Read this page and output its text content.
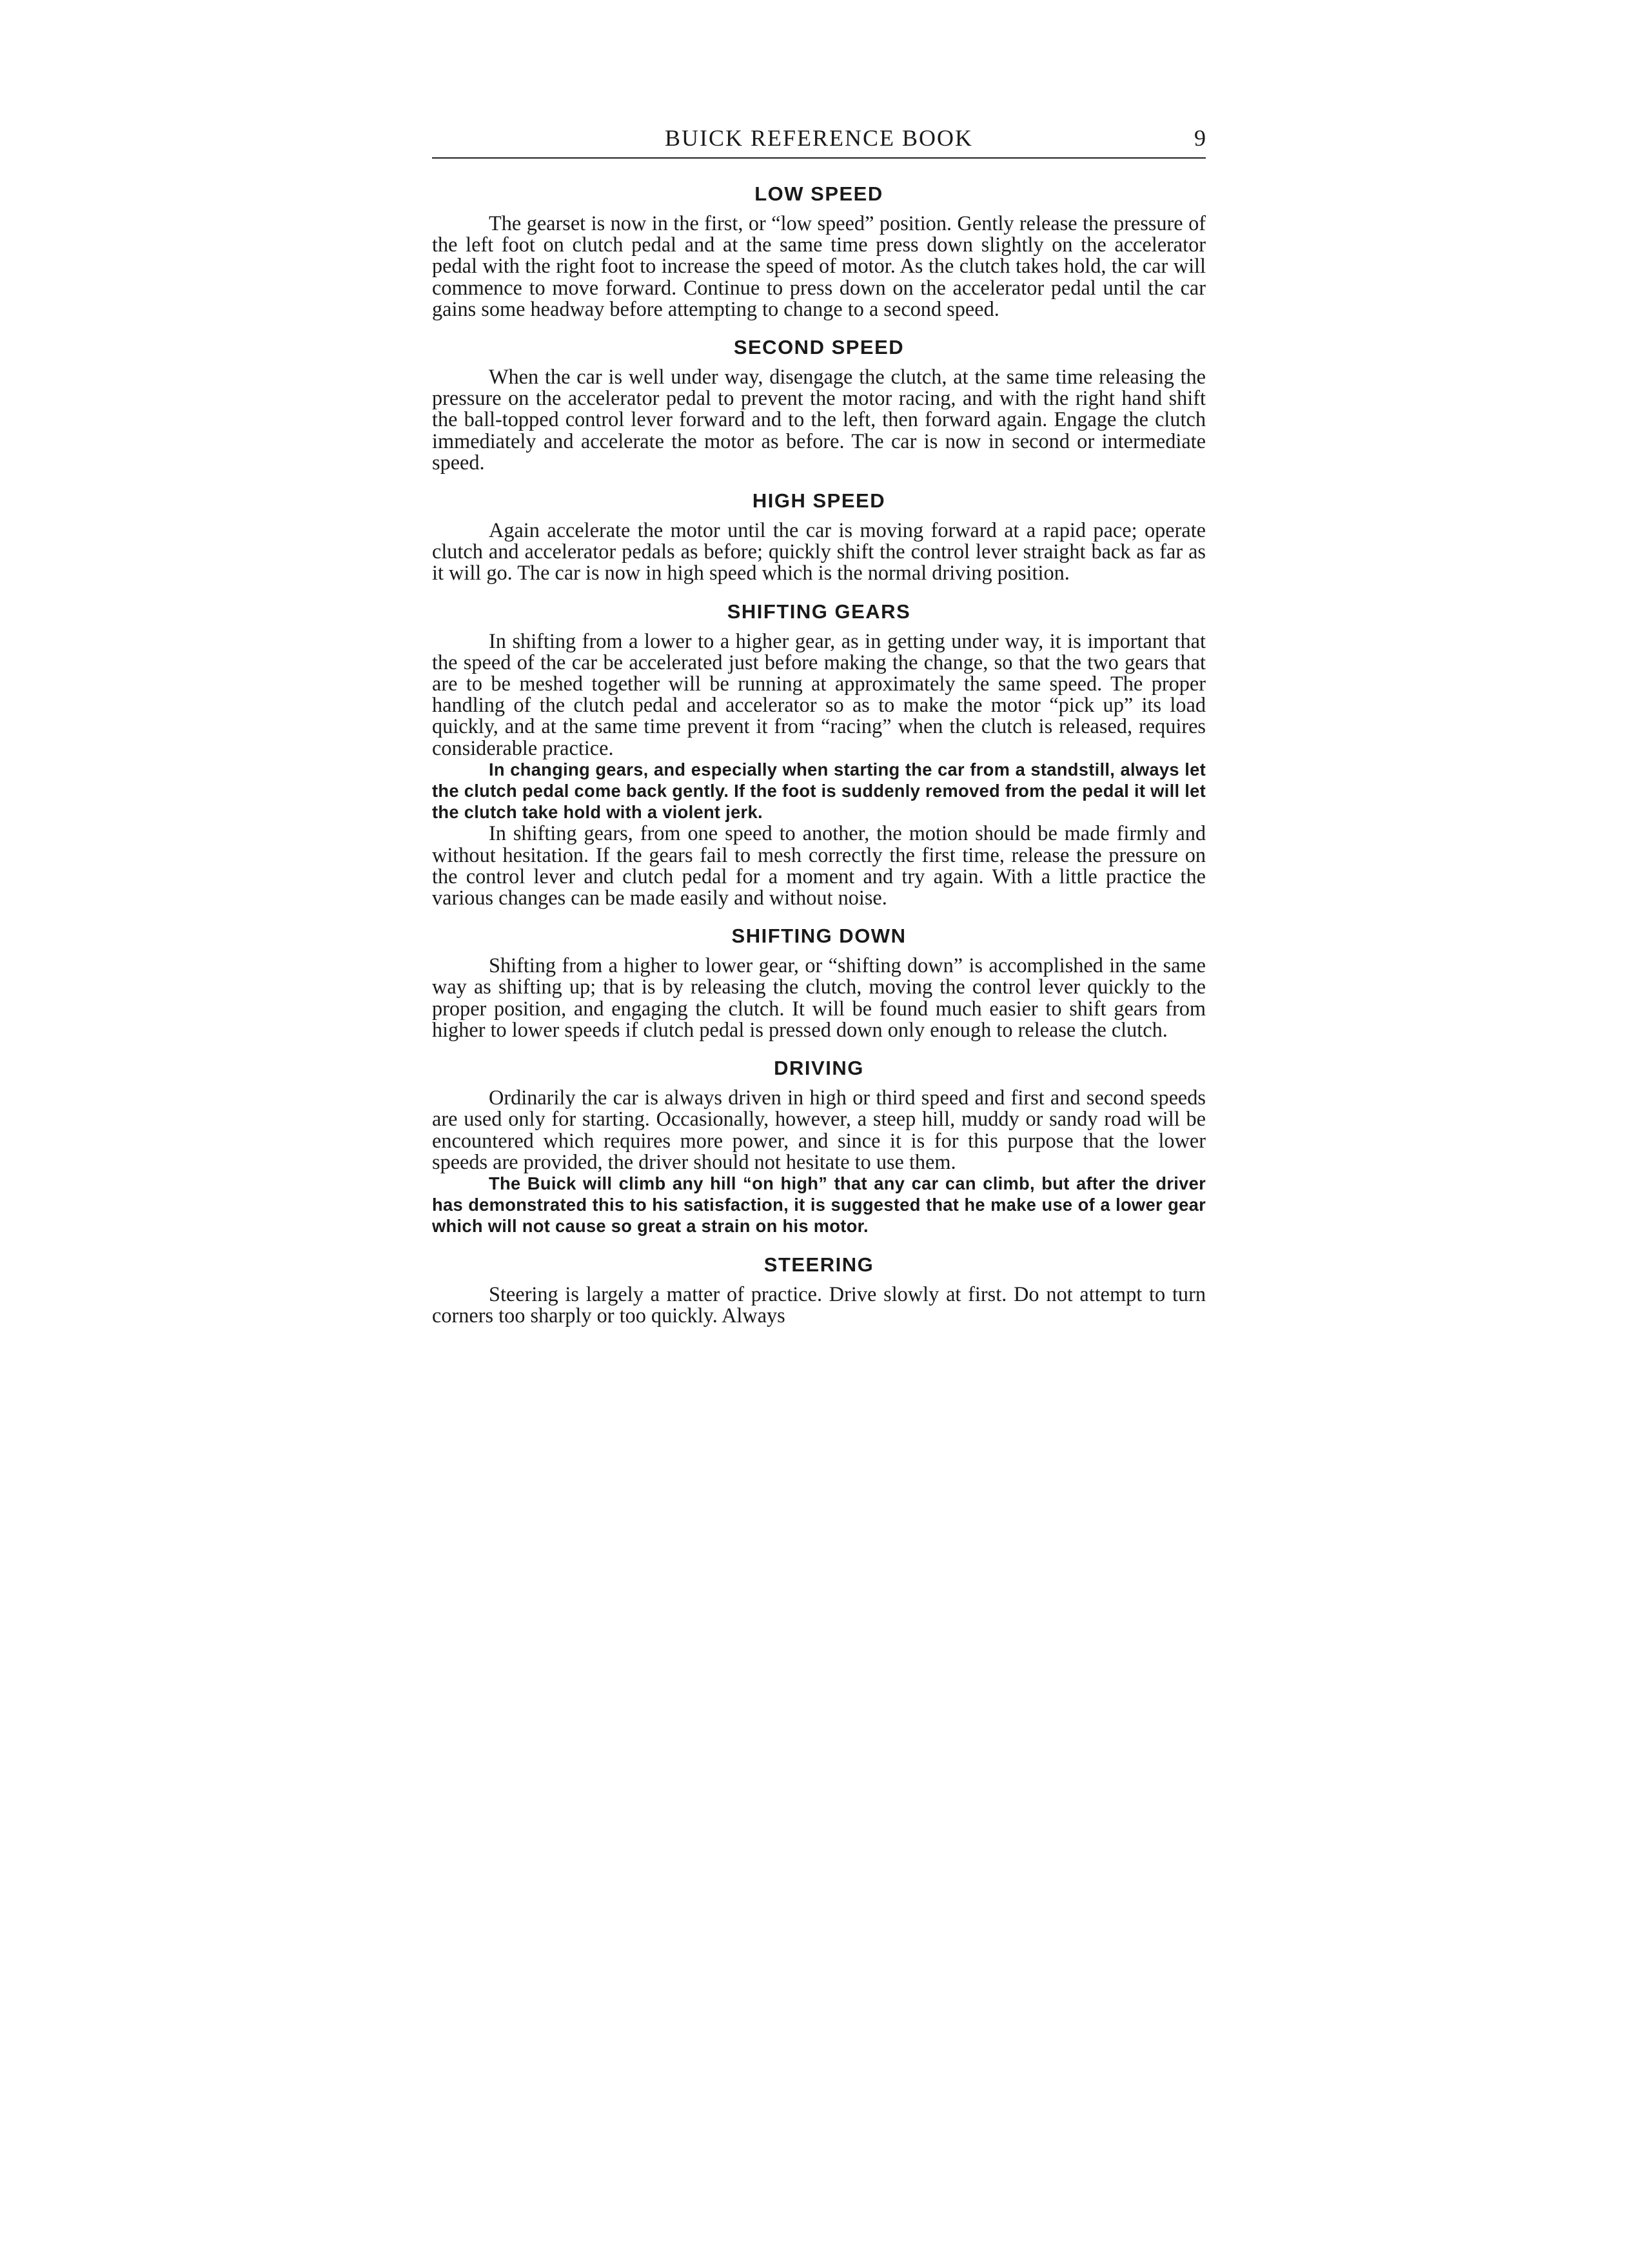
BUICK REFERENCE BOOK	9
LOW SPEED

The gearset is now in the first, or “low speed” position. Gently release the pressure of the left foot on clutch pedal and at the same time press down slightly on the accelerator pedal with the right foot to increase the speed of motor. As the clutch takes hold, the car will commence to move forward. Continue to press down on the accelerator pedal until the car gains some headway before attempting to change to a second speed.

SECOND SPEED

When the car is well under way, disengage the clutch, at the same time releasing the pressure on the accelerator pedal to prevent the motor racing, and with the right hand shift the ball-topped control lever forward and to the left, then forward again. Engage the clutch immediately and accelerate the motor as before. The car is now in second or intermediate speed.

HIGH SPEED

Again accelerate the motor until the car is moving forward at a rapid pace; operate clutch and accelerator pedals as before; quickly shift the control lever straight back as far as it will go. The car is now in high speed which is the normal driving position.

SHIFTING GEARS

In shifting from a lower to a higher gear, as in getting under way, it is important that the speed of the car be accelerated just before making the change, so that the two gears that are to be meshed together will be running at approximately the same speed. The proper handling of the clutch pedal and accelerator so as to make the motor “pick up” its load quickly, and at the same time prevent it from “racing” when the clutch is released, requires considerable practice.

In changing gears, and especially when starting the car from a standstill, always let the clutch pedal come back gently. If the foot is suddenly removed from the pedal it will let the clutch take hold with a violent jerk.

In shifting gears, from one speed to another, the motion should be made firmly and without hesitation. If the gears fail to mesh correctly the first time, release the pressure on the control lever and clutch pedal for a moment and try again. With a little practice the various changes can be made easily and without noise.

SHIFTING DOWN

Shifting from a higher to lower gear, or “shifting down” is accomplished in the same way as shifting up; that is by releasing the clutch, moving the control lever quickly to the proper position, and engaging the clutch. It will be found much easier to shift gears from higher to lower speeds if clutch pedal is pressed down only enough to release the clutch.

DRIVING

Ordinarily the car is always driven in high or third speed and first and second speeds are used only for starting. Occasionally, however, a steep hill, muddy or sandy road will be encountered which requires more power, and since it is for this purpose that the lower speeds are provided, the driver should not hesitate to use them.

The Buick will climb any hill “on high” that any car can climb, but after the driver has demonstrated this to his satisfaction, it is suggested that he make use of a lower gear which will not cause so great a strain on his motor.

STEERING

Steering is largely a matter of practice. Drive slowly at first. Do not attempt to turn corners too sharply or too quickly. Always
